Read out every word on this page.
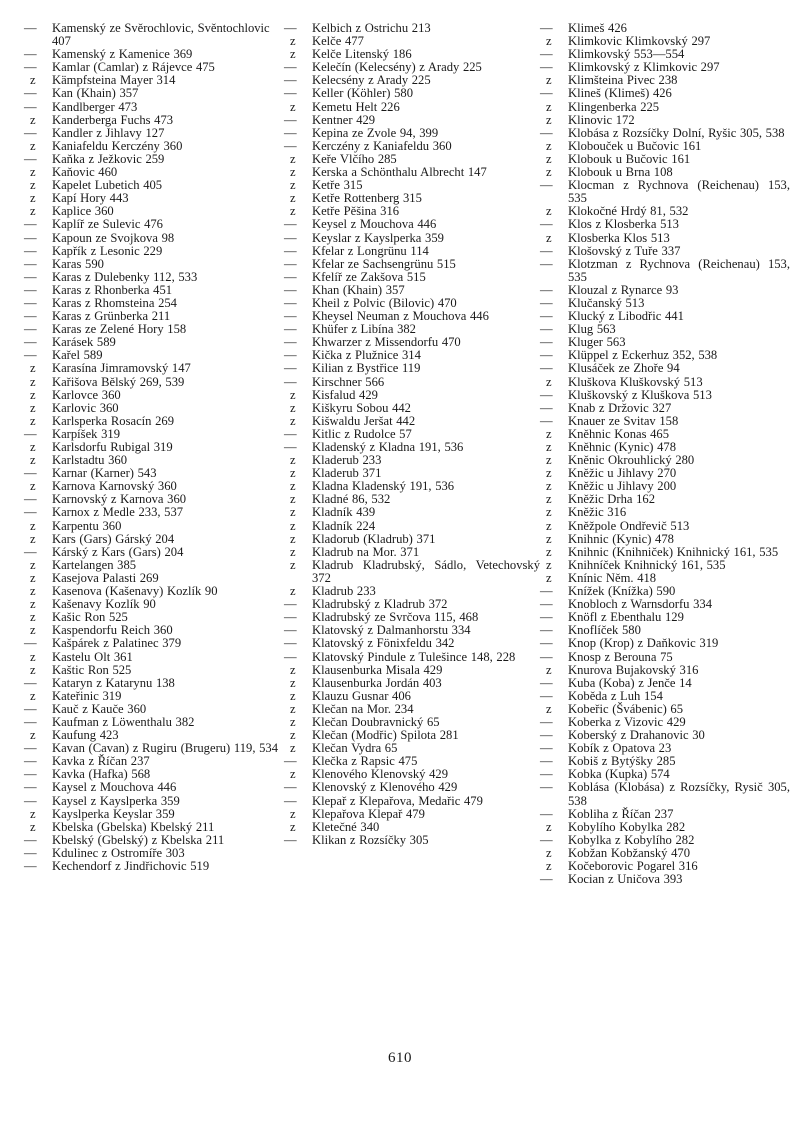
— Kamenský ze Svěrochlovic, Svěntochlovic 407
— Kamenský z Kamenice 369
— Kamlar (Camlar) z Rájevce 475
z Kämpfsteina Mayer 314
— Kan (Khain) 357
— Kandlberger 473
z Kanderberga Fuchs 473
— Kandler z Jihlavy 127
z Kaniafeldu Kerczény 360
— Kaňka z Ježkovic 259
z Kaňovic 460
z Kapelet Lubetich 405
z Kapí Hory 443
z Kaplice 360
— Kaplíř ze Sulevic 476
— Kapoun ze Svojkova 98
— Kapřík z Lesonic 229
— Karas 590
— Karas z Dulebenky 112, 533
— Karas z Rhonberka 451
— Karas z Rhomsteina 254
— Karas z Grünberka 211
— Karas ze Zelené Hory 158
— Karásek 589
— Kařel 589
z Karasína Jimramovský 147
z Kařišova Bělský 269, 539
z Karlovce 360
z Karlovic 360
z Karlsperka Rosacín 269
— Karpíšek 319
z Karlsdorfu Rubigal 319
z Karlstadtu 360
— Karnar (Karner) 543
z Karnova Karnovský 360
— Karnovský z Karnova 360
— Karnox z Medle 233, 537
z Karpentu 360
z Kars (Gars) Gárský 204
— Kárský z Kars (Gars) 204
z Kartelangen 385
z Kasejova Palasti 269
z Kasenova (Kašenavy) Kozlík 90
z Kašenavy Kozlík 90
z Kašic Ron 525
z Kaspendorfu Reich 360
— Kašpárek z Palatinec 379
z Kastelu Olt 361
z Kaštic Ron 525
— Kataryn z Katarynu 138
z Kateřinic 319
— Kauč z Kauče 360
— Kaufman z Löwenthalu 382
z Kaufung 423
— Kavan (Cavan) z Rugiru (Brugeru) 119, 534
— Kavka z Říčan 237
— Kavka (Hafka) 568
— Kaysel z Mouchova 446
— Kaysel z Kayslperka 359
z Kayslperka Keyslar 359
z Kbelska (Gbelska) Kbelský 211
— Kbelský (Gbelský) z Kbelska 211
— Kdulinec z Ostromíře 303
— Kechendorf z Jindřichovic 519
— Kelbich z Ostrichu 213
z Kelče 477
z Kelče Litenský 186
— Kelečín (Kelecsény) z Arady 225
— Kelecsény z Arady 225
— Keller (Köhler) 580
z Kemetu Helt 226
— Kentner 429
— Kepina ze Zvole 94, 399
— Kerczény z Kaniafeldu 360
z Keře Vlčího 285
z Kerska a Schönthalu Albrecht 147
z Ketře 315
z Ketře Rottenberg 315
z Ketře Pěšina 316
— Keysel z Mouchova 446
— Keyslar z Kayslperka 359
— Kfelar z Longrünu 114
— Kfelar ze Sachsengrünu 515
— Kfelíř ze Zakšova 515
— Khan (Khain) 357
— Kheil z Polvic (Bilovic) 470
— Kheysel Neuman z Mouchova 446
— Khüfer z Libína 382
— Khwarzer z Missendorfu 470
— Kička z Plužnice 314
— Kilian z Bystřice 119
— Kirschner 566
z Kisfalud 429
z Kiškyru Sobou 442
z Kišwaldu Jeršat 442
— Kitlic z Rudolce 57
— Kladenský z Kladna 191, 536
z Kladerub 233
z Kladerub 371
z Kladna Kladenský 191, 536
z Kladné 86, 532
z Kladník 439
z Kladník 224
z Kladorub (Kladrub) 371
z Kladrub na Mor. 371
z Kladrub Kladrubský, Sádlo, Vetechovský 372
z Kladrub 233
— Kladrubský z Kladrub 372
— Kladrubský ze Svrčova 115, 468
— Klatovský z Dalmanhorstu 334
— Klatovský z Fönixfeldu 342
— Klatovský Pindule z Tulešince 148, 228
z Klausenburka Misala 429
z Klausenburka Jordán 403
z Klauzu Gusnar 406
z Klečan na Mor. 234
z Klečan Doubravnický 65
z Klečan (Modřic) Spilota 281
z Klečan Vydra 65
— Klečka z Rapsic 475
z Klenového Klenovský 429
— Klenovský z Klenového 429
— Klepař z Klepařova, Medařic 479
z Klepařova Klepař 479
z Kletečné 340
— Klikan z Rozsíčky 305
— Klimeš 426
z Klimkovic Klimkovský 297
— Klimkovský 553—554
— Klimkovský z Klimkovic 297
z Klimšteina Pivec 238
— Klineš (Klimeš) 426
z Klingenberka 225
z Klinovic 172
— Klobása z Rozsíčky Dolní, Ryšic 305, 538
z Klobouček u Bučovic 161
z Klobouk u Bučovic 161
z Klobouk u Brna 108
— Klocman z Rychnova (Reichenau) 153, 535
z Klokočné Hrdý 81, 532
— Klos z Klosberka 513
z Klosberka Klos 513
— Klošovský z Tuře 337
— Klotzman z Rychnova (Reichenau) 153, 535
— Klouzal z Rynarce 93
— Klučanský 513
— Klucký z Libodřic 441
— Klug 563
— Kluger 563
— Klüppel z Eckerhuz 352, 538
— Klusáček ze Zhoře 94
z Kluškova Kluškovský 513
— Kluškovský z Kluškova 513
— Knab z Držovic 327
— Knauer ze Svitav 158
z Kněhnic Konas 465
z Kněhnic (Kynic) 478
z Kněnic Okrouhlický 280
z Kněžic u Jihlavy 270
z Kněžic u Jihlavy 200
z Kněžic Drha 162
z Kněžic 316
z Kněžpole Ondřevič 513
z Knihnic (Kynic) 478
z Knihnic (Knihniček) Knihnický 161, 535
z Knihníček Knihnický 161, 535
z Knínic Něm. 418
— Knížek (Knížka) 590
— Knobloch z Warnsdorfu 334
— Knöfl z Ebenthalu 129
— Knoflíček 580
— Knop (Krop) z Daňkovic 319
— Knosp z Berouna 75
z Knurova Bujakovský 316
— Kuba (Koba) z Jenče 14
— Koběda z Luh 154
z Kobeřic (Švábenic) 65
— Koberka z Vizovic 429
— Koberský z Drahanovic 30
— Kobík z Opatova 23
— Kobiš z Bytýšky 285
— Kobka (Kupka) 574
— Koblása (Klobása) z Rozsíčky, Rysič 305, 538
— Kobliha z Říčan 237
z Kobylího Kobylka 282
— Kobylka z Kobylího 282
z Kobžan Kobžanský 470
z Kočeborovic Pogarel 316
— Kocian z Uničova 393
610
